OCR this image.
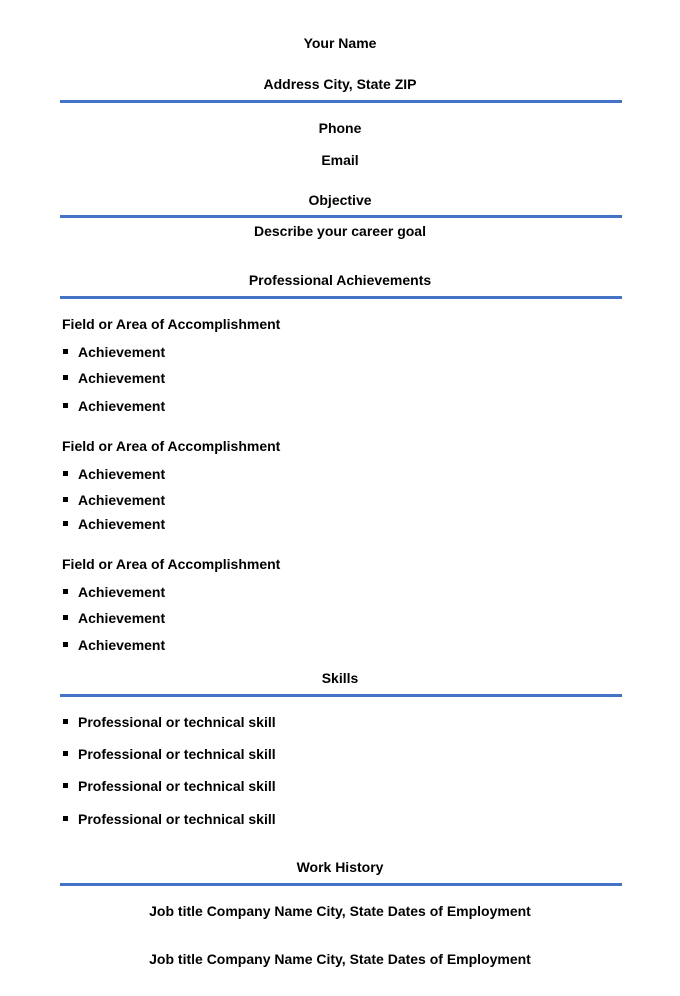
Your Name
Address City, State ZIP
Phone
Email
Objective
Describe your career goal
Professional Achievements
Field or Area of Accomplishment
Achievement
Achievement
Achievement
Field or Area of Accomplishment
Achievement
Achievement
Achievement
Field or Area of Accomplishment
Achievement
Achievement
Achievement
Skills
Professional or technical skill
Professional or technical skill
Professional or technical skill
Professional or technical skill
Work History
Job title Company Name City, State Dates of Employment
Job title Company Name City, State Dates of Employment
